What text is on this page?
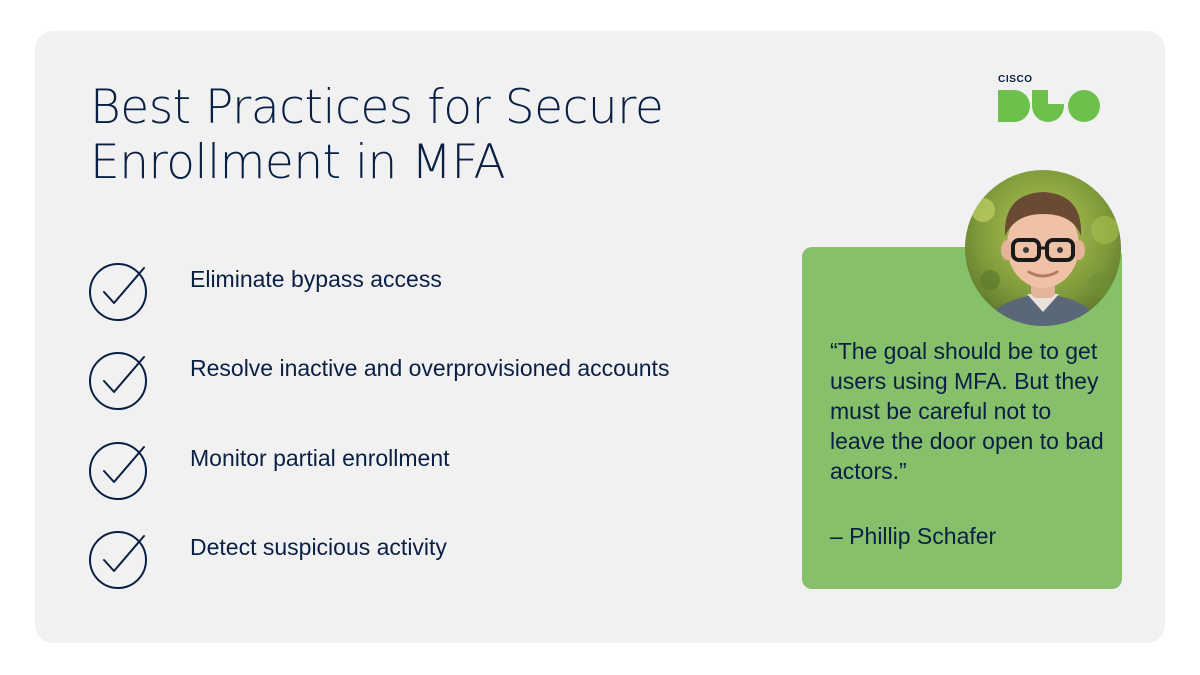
Best Practices for Secure
Enrollment in MFA
CISCO
Eliminate bypass access
Resolve inactive and overprovisioned accounts
Monitor partial enrollment
Detect suspicious activity

“The goal should be to get users using MFA. But they must be careful not to leave the door open to bad actors.”

– Phillip Schafer
